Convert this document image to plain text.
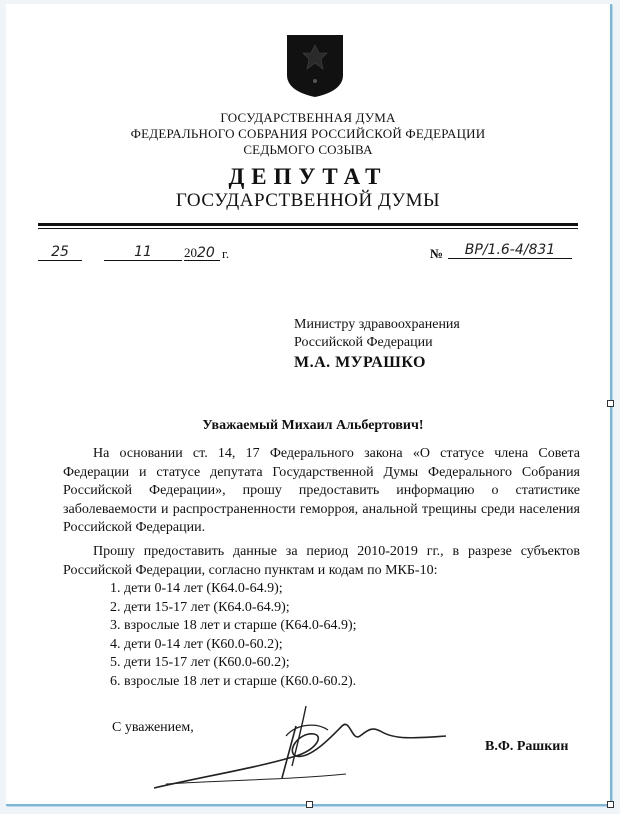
ГОСУДАРСТВЕННАЯ ДУМА
ФЕДЕРАЛЬНОГО СОБРАНИЯ РОССИЙСКОЙ ФЕДЕРАЦИИ
СЕДЬМОГО СОЗЫВА
ДЕПУТАТ
ГОСУДАРСТВЕННОЙ ДУМЫ
25	11	2020 г.	№	ВР/1.6-4/831
Министру здравоохранения
Российской Федерации
М.А. МУРАШКО
Уважаемый Михаил Альбертович!
На основании ст. 14, 17 Федерального закона «О статусе члена Совета Федерации и статусе депутата Государственной Думы Федерального Собрания Российской Федерации», прошу предоставить информацию о статистике заболеваемости и распространенности геморроя, анальной трещины среди населения Российской Федерации.
Прошу предоставить данные за период 2010-2019 гг., в разрезе субъектов Российской Федерации, согласно пунктам и кодам по МКБ-10:
1. дети 0-14 лет (К64.0-64.9);
2. дети 15-17 лет (К64.0-64.9);
3. взрослые 18 лет и старше (К64.0-64.9);
4. дети 0-14 лет (К60.0-60.2);
5. дети 15-17 лет (К60.0-60.2);
6. взрослые 18 лет и старше (К60.0-60.2).
С уважением,
В.Ф. Рашкин
